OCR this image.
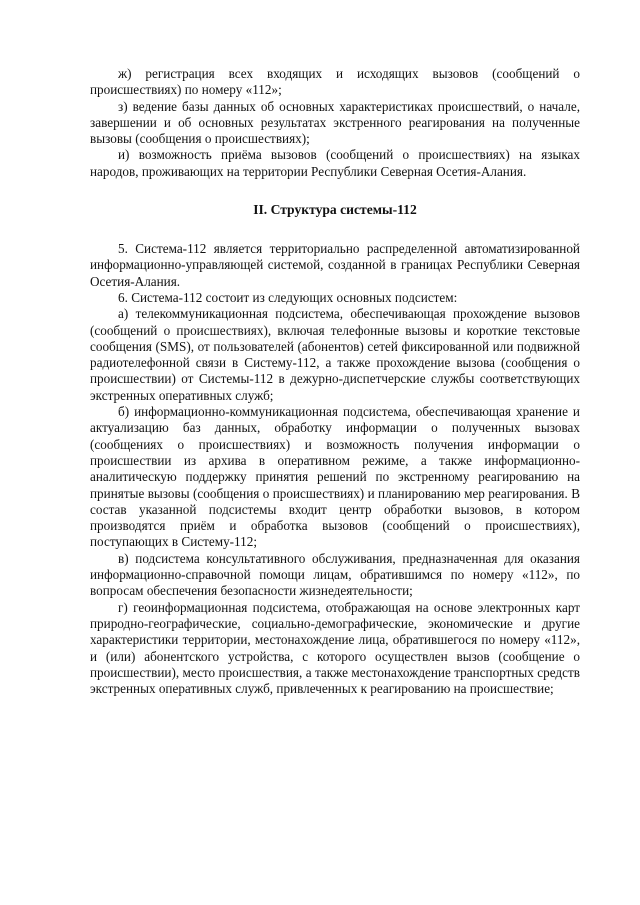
ж) регистрация всех входящих и исходящих вызовов (сообщений о происшествиях) по номеру «112»;

з) ведение базы данных об основных характеристиках происшествий, о начале, завершении и об основных результатах экстренного реагирования на полученные вызовы (сообщения о происшествиях);

и) возможность приёма вызовов (сообщений о происшествиях) на языках народов, проживающих на территории Республики Северная Осетия-Алания.

II. Структура системы-112

5. Система-112 является территориально распределенной автоматизированной информационно-управляющей системой, созданной в границах Республики Северная Осетия-Алания.

6. Система-112 состоит из следующих основных подсистем:

а) телекоммуникационная подсистема, обеспечивающая прохождение вызовов (сообщений о происшествиях), включая телефонные вызовы и короткие текстовые сообщения (SMS), от пользователей (абонентов) сетей фиксированной или подвижной радиотелефонной связи в Систему-112, а также прохождение вызова (сообщения о происшествии) от Системы-112 в дежурно-диспетчерские службы соответствующих экстренных оперативных служб;

б) информационно-коммуникационная подсистема, обеспечивающая хранение и актуализацию баз данных, обработку информации о полученных вызовах (сообщениях о происшествиях) и возможность получения информации о происшествии из архива в оперативном режиме, а также информационно-аналитическую поддержку принятия решений по экстренному реагированию на принятые вызовы (сообщения о происшествиях) и планированию мер реагирования. В состав указанной подсистемы входит центр обработки вызовов, в котором производятся приём и обработка вызовов (сообщений о происшествиях), поступающих в Систему-112;

в) подсистема консультативного обслуживания, предназначенная для оказания информационно-справочной помощи лицам, обратившимся по номеру «112», по вопросам обеспечения безопасности жизнедеятельности;

г) геоинформационная подсистема, отображающая на основе электронных карт природно-географические, социально-демографические, экономические и другие характеристики территории, местонахождение лица, обратившегося по номеру «112», и (или) абонентского устройства, с которого осуществлен вызов (сообщение о происшествии), место происшествия, а также местонахождение транспортных средств экстренных оперативных служб, привлеченных к реагированию на происшествие;
